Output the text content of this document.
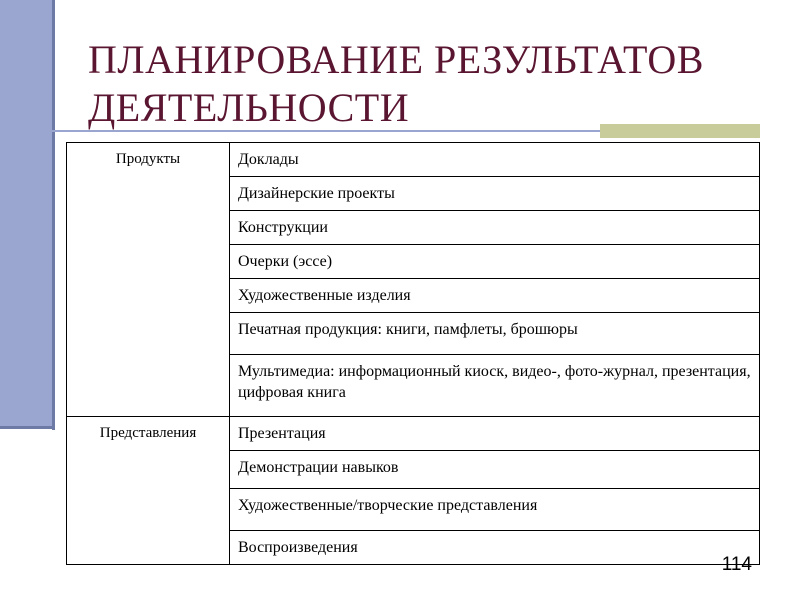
ПЛАНИРОВАНИЕ РЕЗУЛЬТАТОВ ДЕЯТЕЛЬНОСТИ
Продукты	Доклады
	Дизайнерские проекты
	Конструкции
	Очерки (эссе)
	Художественные изделия
	Печатная продукция: книги, памфлеты, брошюры
	Мультимедиа: информационный киоск, видео-, фото-журнал, презентация, цифровая книга
Представления	Презентация
	Демонстрации навыков
	Художественные/творческие представления
	Воспроизведения
114
